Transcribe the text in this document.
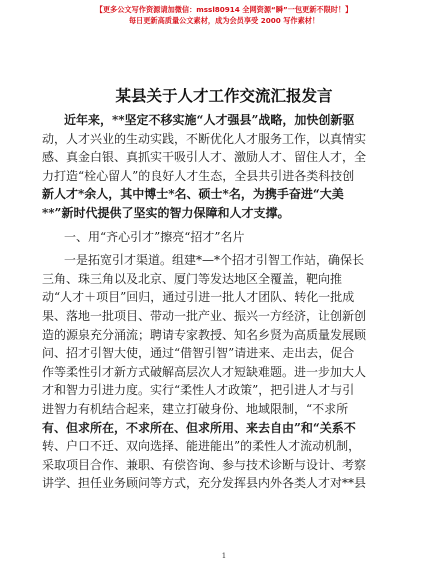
【更多公文写作资源请加微信：mssl80914 全网资源“瞬”一包更新不限时！】
每日更新高质量公文素材，成为会员享受 2000 写作素材！
某县关于人才工作交流汇报发言
近年来，**坚定不移实施“人才强县”战略，加快创新驱
动，人才兴业的生动实践，不断优化人才服务工作，以真情实
感、真金白银、真抓实干吸引人才、激励人才、留住人才，全
力打造“栓心留人”的良好人才生态，全县共引进各类科技创
新人才*余人，其中博士*名、硕士*名，为携手奋进“大美
**”新时代提供了坚实的智力保障和人才支撑。
一、用“齐心引才”擦亮“招才”名片
一是拓宽引才渠道。组建*—*个招才引智工作站，确保长
三角、珠三角以及北京、厦门等发达地区全覆盖，靶向推
动“人才＋项目”回归，通过引进一批人才团队、转化一批成
果、落地一批项目、带动一批产业、振兴一方经济，让创新创
造的源泉充分涌流；聘请专家教授、知名乡贤为高质量发展顾
问、招才引智大使，通过“借智引智”请进来、走出去，促合
作等柔性引才新方式破解高层次人才短缺难题。进一步加大人
才和智力引进力度。实行“柔性人才政策”，把引进人才与引
进智力有机结合起来，建立打破身份、地域限制，“不求所
有、但求所在，不求所在、但求所用、来去自由”和“关系不
转、户口不迁、双向选择、能进能出”的柔性人才流动机制，
采取项目合作、兼职、有偿咨询、参与技术诊断与设计、考察
讲学、担任业务顾问等方式，充分发挥县内外各类人才对**县
1
